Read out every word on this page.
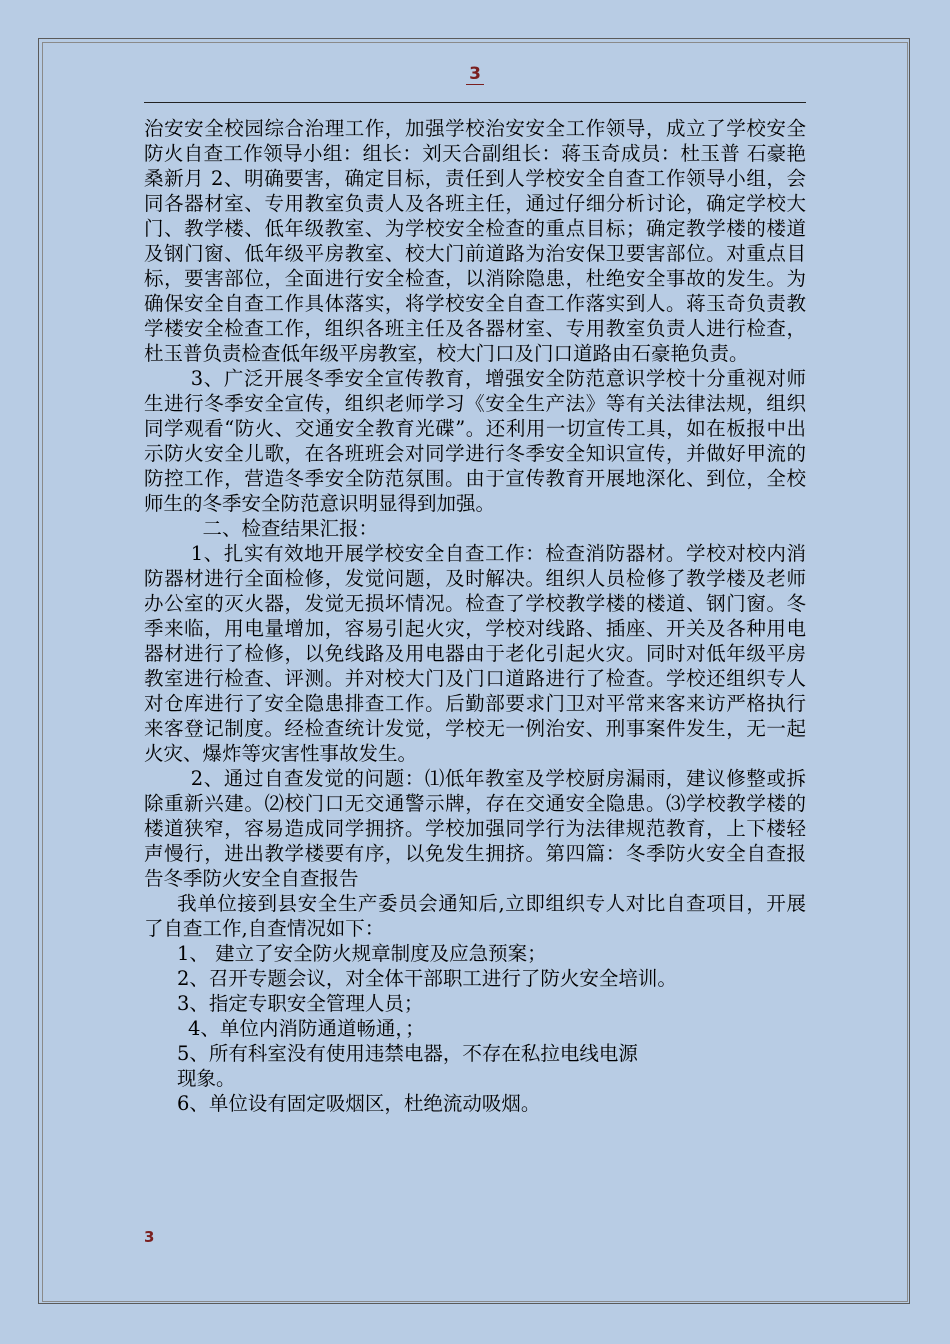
3

治安安全校园综合治理工作，加强学校治安安全工作领导，成立了学校安全防火自查工作领导小组：组长：刘天合副组长：蒋玉奇成员：杜玉普 石豪艳 桑新月 2、明确要害，确定目标，责任到人学校安全自查工作领导小组，会同各器材室、专用教室负责人及各班主任，通过仔细分析讨论，确定学校大门、教学楼、低年级教室、为学校安全检查的重点目标；确定教学楼的楼道及钢门窗、低年级平房教室、校大门前道路为治安保卫要害部位。对重点目标，要害部位，全面进行安全检查，以消除隐患，杜绝安全事故的发生。为确保安全自查工作具体落实，将学校安全自查工作落实到人。蒋玉奇负责教学楼安全检查工作，组织各班主任及各器材室、专用教室负责人进行检查，杜玉普负责检查低年级平房教室，校大门口及门口道路由石豪艳负责。

3、广泛开展冬季安全宣传教育，增强安全防范意识学校十分重视对师生进行冬季安全宣传，组织老师学习《安全生产法》等有关法律法规，组织同学观看“防火、交通安全教育光碟”。还利用一切宣传工具，如在板报中出示防火安全儿歌，在各班班会对同学进行冬季安全知识宣传，并做好甲流的防控工作，营造冬季安全防范氛围。由于宣传教育开展地深化、到位，全校师生的冬季安全防范意识明显得到加强。

二、检查结果汇报：

1、扎实有效地开展学校安全自查工作：检查消防器材。学校对校内消防器材进行全面检修，发觉问题，及时解决。组织人员检修了教学楼及老师办公室的灭火器，发觉无损坏情况。检查了学校教学楼的楼道、钢门窗。冬季来临，用电量增加，容易引起火灾，学校对线路、插座、开关及各种用电器材进行了检修，以免线路及用电器由于老化引起火灾。同时对低年级平房教室进行检查、评测。并对校大门及门口道路进行了检查。学校还组织专人对仓库进行了安全隐患排查工作。后勤部要求门卫对平常来客来访严格执行来客登记制度。经检查统计发觉，学校无一例治安、刑事案件发生，无一起火灾、爆炸等灾害性事故发生。

2、通过自查发觉的问题：⑴低年教室及学校厨房漏雨，建议修整或拆除重新兴建。⑵校门口无交通警示牌，存在交通安全隐患。⑶学校教学楼的楼道狭窄，容易造成同学拥挤。学校加强同学行为法律规范教育，上下楼轻声慢行，进出教学楼要有序，以免发生拥挤。第四篇：冬季防火安全自查报告冬季防火安全自查报告

我单位接到县安全生产委员会通知后,立即组织专人对比自查项目，开展了自查工作,自查情况如下：

1、 建立了安全防火规章制度及应急预案；

2、召开专题会议，对全体干部职工进行了防火安全培训。

3、指定专职安全管理人员；

4、单位内消防通道畅通，；

5、所有科室没有使用违禁电器，不存在私拉电线电源

现象。

6、单位设有固定吸烟区，杜绝流动吸烟。

3
